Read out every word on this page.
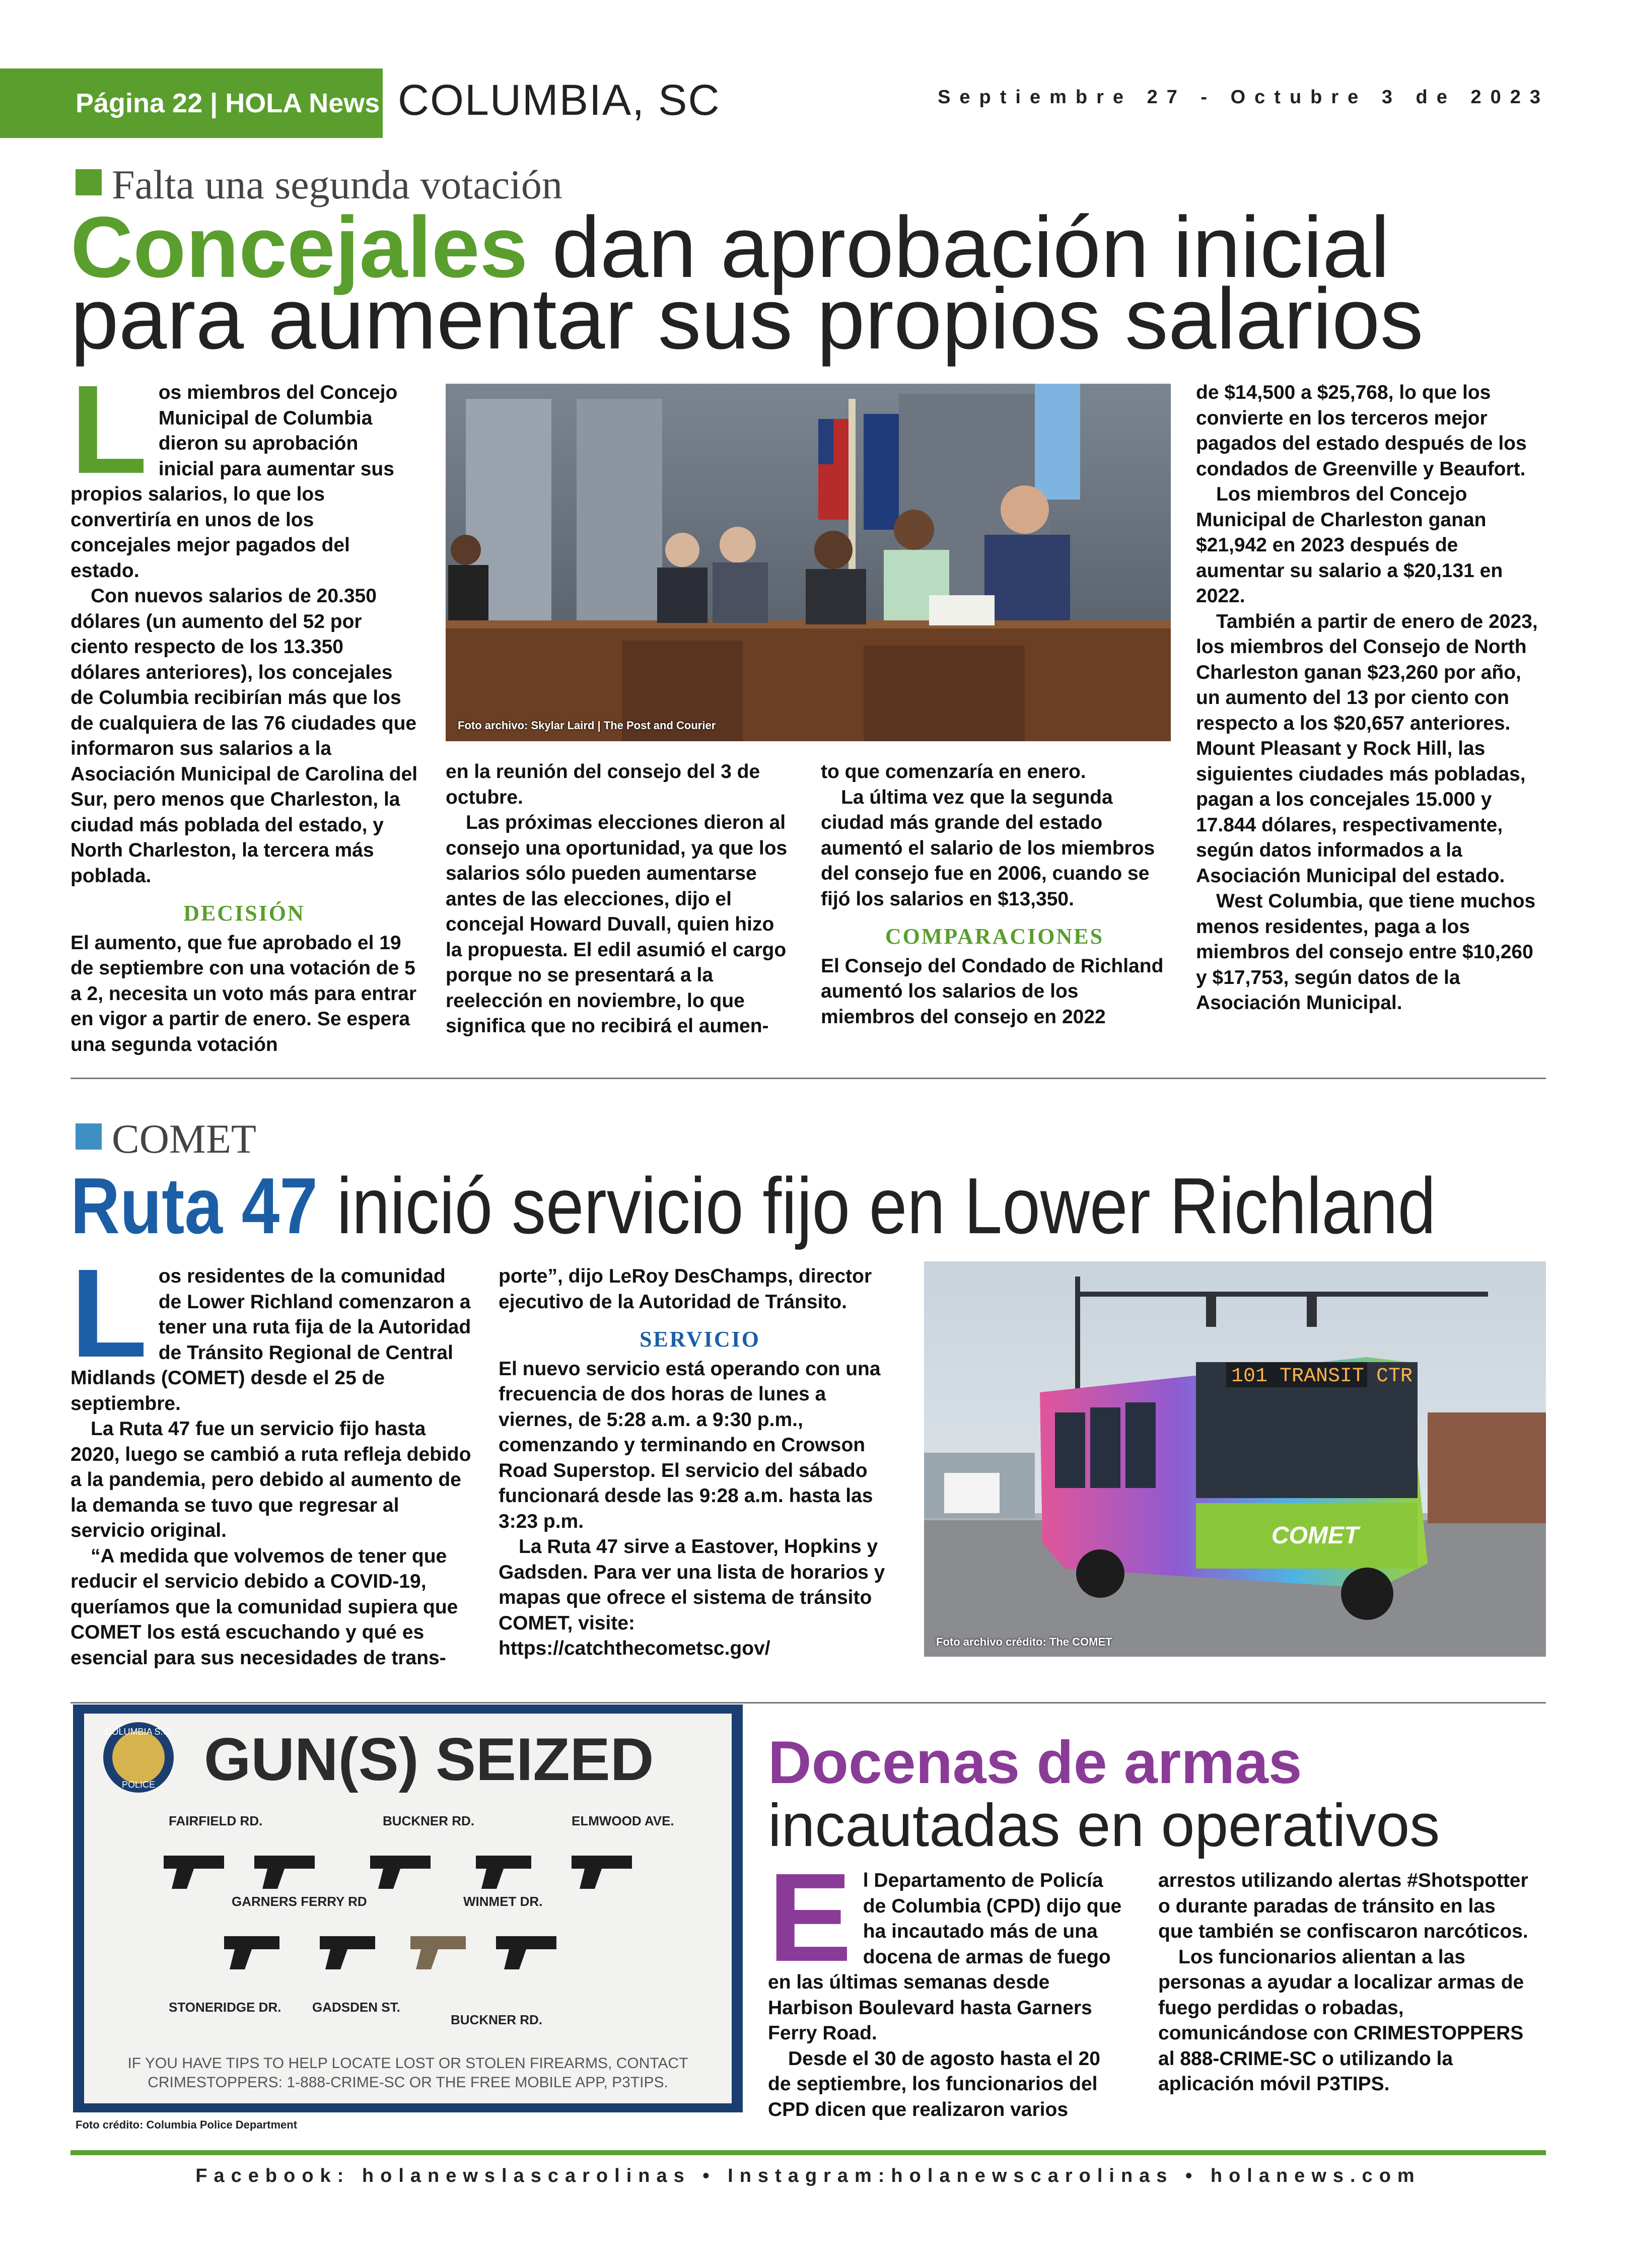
Página 22 | HOLA News COLUMBIA, SC	Septiembre 27 - Octubre 3 de 2023
Falta una segunda votación
Concejales dan aprobación inicial
para aumentar sus propios salarios
Foto archivo: Skylar Laird | The Post and Courier
L os miembros del Concejo Municipal de Columbia dieron su aprobación inicial para aumentar sus propios salarios, lo que los convertiría en unos de los concejales mejor pagados del estado.

Con nuevos salarios de 20.350 dólares (un aumento del 52 por ciento respecto de los 13.350 dólares anteriores), los concejales de Columbia recibirían más que los de cualquiera de las 76 ciudades que informaron sus salarios a la Asociación Municipal de Carolina del Sur, pero menos que Charleston, la ciudad más poblada del estado, y North Charleston, la tercera más poblada.

DECISIÓN

El aumento, que fue aprobado el 19 de septiembre con una votación de 5 a 2, necesita un voto más para entrar en vigor a partir de enero. Se espera una segunda votación

en la reunión del consejo del 3 de octubre.

Las próximas elecciones dieron al consejo una oportunidad, ya que los salarios sólo pueden aumentarse antes de las elecciones, dijo el concejal Howard Duvall, quien hizo la propuesta. El edil asumió el cargo porque no se presentará a la reelección en noviembre, lo que significa que no recibirá el aumen-

to que comenzaría en enero.

La última vez que la segunda ciudad más grande del estado aumentó el salario de los miembros del consejo fue en 2006, cuando se fijó los salarios en $13,350.

COMPARACIONES

El Consejo del Condado de Richland aumentó los salarios de los miembros del consejo en 2022

de $14,500 a $25,768, lo que los convierte en los terceros mejor pagados del estado después de los condados de Greenville y Beaufort.

Los miembros del Concejo Municipal de Charleston ganan $21,942 en 2023 después de aumentar su salario a $20,131 en 2022.

También a partir de enero de 2023, los miembros del Consejo de North Charleston ganan $23,260 por año, un aumento del 13 por ciento con respecto a los $20,657 anteriores. Mount Pleasant y Rock Hill, las siguientes ciudades más pobladas, pagan a los concejales 15.000 y 17.844 dólares, respectivamente, según datos informados a la Asociación Municipal del estado.

West Columbia, que tiene muchos menos residentes, paga a los miembros del consejo entre $10,260 y $17,753, según datos de la Asociación Municipal.

COMET
Ruta 47 inició servicio fijo en Lower Richland
L os residentes de la comunidad de Lower Richland comenzaron a tener una ruta fija de la Autoridad de Tránsito Regional de Central Midlands (COMET) desde el 25 de septiembre.

La Ruta 47 fue un servicio fijo hasta 2020, luego se cambió a ruta refleja debido a la pandemia, pero debido al aumento de la demanda se tuvo que regresar al servicio original.

“A medida que volvemos de tener que reducir el servicio debido a COVID-19, queríamos que la comunidad supiera que COMET los está escuchando y qué es esencial para sus necesidades de trans-

porte”, dijo LeRoy DesChamps, director ejecutivo de la Autoridad de Tránsito.

SERVICIO

El nuevo servicio está operando con una frecuencia de dos horas de lunes a viernes, de 5:28 a.m. a 9:30 p.m., comenzando y terminando en Crowson Road Superstop. El servicio del sábado funcionará desde las 9:28 a.m. hasta las 3:23 p.m.

La Ruta 47 sirve a Eastover, Hopkins y Gadsden. Para ver una lista de horarios y mapas que ofrece el sistema de tránsito COMET, visite: https://catchthecometsc.gov/

101 TRANSIT CTR
COMET
Foto archivo crédito: The COMET
COLUMBIA S.C.
POLICE GUN(S) SEIZED
FAIRFIELD RD.	BUCKNER RD.	ELMWOOD AVE.
GARNERS FERRY RD	WINMET DR.
STONERIDGE DR. GADSDEN ST.
BUCKNER RD.
IF YOU HAVE TIPS TO HELP LOCATE LOST OR STOLEN FIREARMS, CONTACT
CRIMESTOPPERS: 1-888-CRIME-SC OR THE FREE MOBILE APP, P3TIPS.
Foto crédito: Columbia Police Department
Docenas de armas
incautadas en operativos
E l Departamento de Policía de Columbia (CPD) dijo que ha incautado más de una docena de armas de fuego en las últimas semanas desde Harbison Boulevard hasta Garners Ferry Road.

Desde el 30 de agosto hasta el 20 de septiembre, los funcionarios del CPD dicen que realizaron varios

arrestos utilizando alertas #Shotspotter o durante paradas de tránsito en las que también se confiscaron narcóticos.

Los funcionarios alientan a las personas a ayudar a localizar armas de fuego perdidas o robadas, comunicándose con CRIMESTOPPERS al 888-CRIME-SC o utilizando la aplicación móvil P3TIPS.

Facebook: holanewslascarolinas • Instagram:holanewscarolinas • holanews.com
